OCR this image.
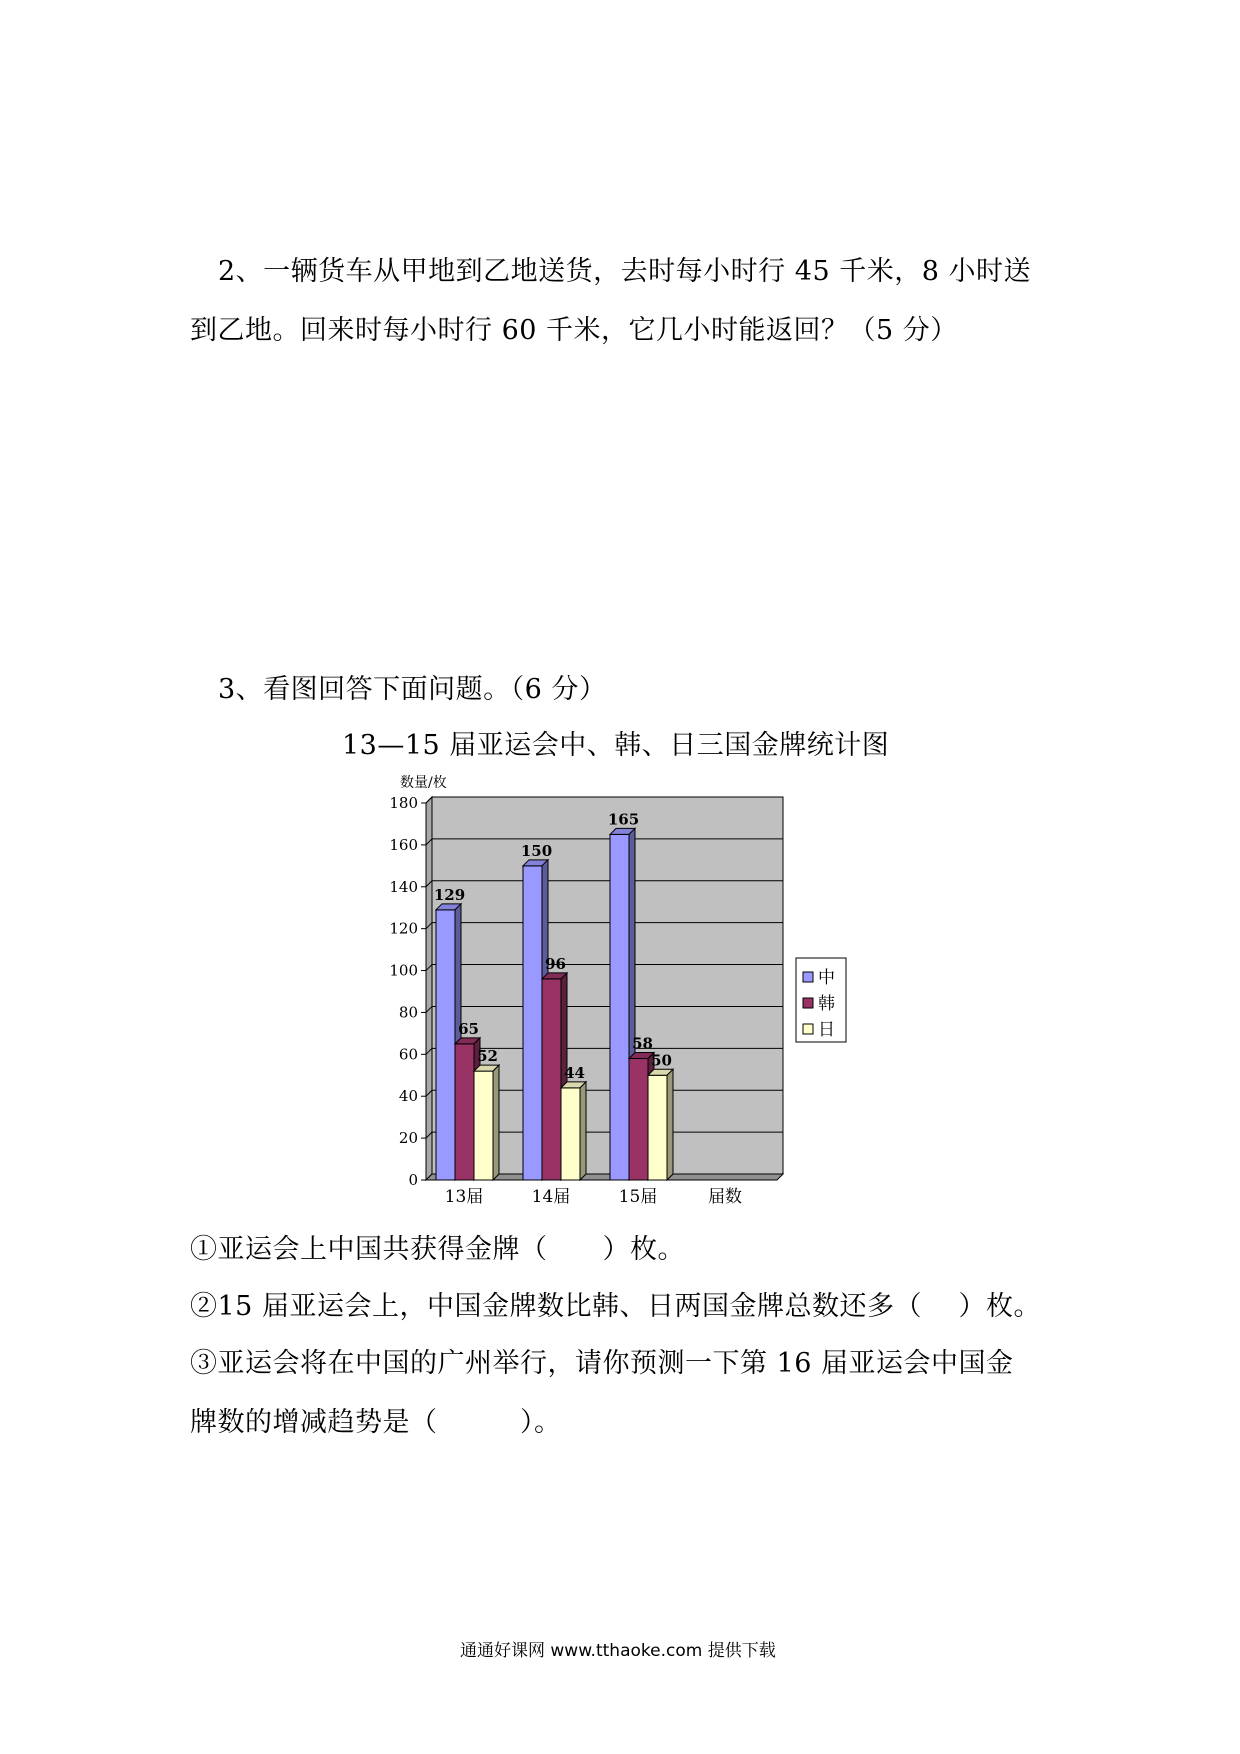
2、一辆货车从甲地到乙地送货，去时每小时行 45 千米，8 小时送
到乙地。回来时每小时行 60 千米，它几小时能返回？（5 分）
3、看图回答下面问题。（6 分）
13—15 届亚运会中、韩、日三国金牌统计图
0
20
40
60
80
100
120
140
160
180
数量/枚
129
65
52
13届
150
96
44
14届
165
58
50
15届	届数
中
韩
日
①亚运会上中国共获得金牌（　　）枚。
②15 届亚运会上，中国金牌数比韩、日两国金牌总数还多（　 ）枚。
③亚运会将在中国的广州举行，请你预测一下第 16 届亚运会中国金
牌数的增减趋势是（　　　）。
通通好课网 www.tthaoke.com 提供下载
